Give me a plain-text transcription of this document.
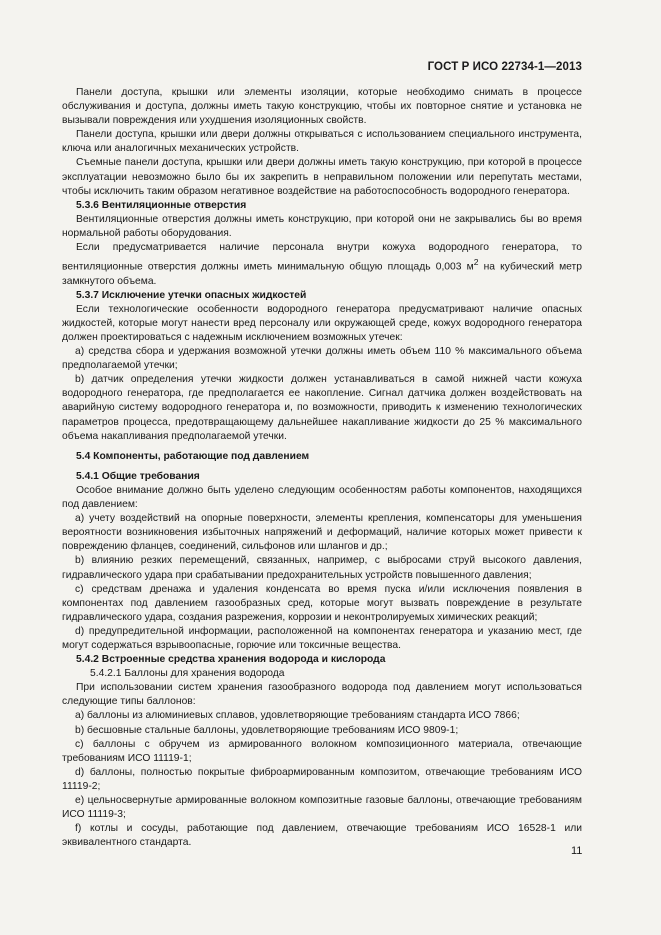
ГОСТ Р ИСО 22734-1—2013

Панели доступа, крышки или элементы изоляции, которые необходимо снимать в процессе обслуживания и доступа, должны иметь такую конструкцию, чтобы их повторное снятие и установка не вызывали повреждения или ухудшения изоляционных свойств.

Панели доступа, крышки или двери должны открываться с использованием специального инструмента, ключа или аналогичных механических устройств.

Съемные панели доступа, крышки или двери должны иметь такую конструкцию, при которой в процессе эксплуатации невозможно было бы их закрепить в неправильном положении или перепутать местами, чтобы исключить таким образом негативное воздействие на работоспособность водородного генератора.

5.3.6 Вентиляционные отверстия

Вентиляционные отверстия должны иметь конструкцию, при которой они не закрывались бы во время нормальной работы оборудования.

Если предусматривается наличие персонала внутри кожуха водородного генератора, то вентиляционные отверстия должны иметь минимальную общую площадь 0,003 $м^2$ на кубический метр замкнутого объема.

5.3.7 Исключение утечки опасных жидкостей

Если технологические особенности водородного генератора предусматривают наличие опасных жидкостей, которые могут нанести вред персоналу или окружающей среде, кожух водородного генератора должен проектироваться с надежным исключением возможных утечек:

a) средства сбора и удержания возможной утечки должны иметь объем 110 % максимального объема предполагаемой утечки;

b) датчик определения утечки жидкости должен устанавливаться в самой нижней части кожуха водородного генератора, где предполагается ее накопление. Сигнал датчика должен воздействовать на аварийную систему водородного генератора и, по возможности, приводить к изменению технологических параметров процесса, предотвращающему дальнейшее накапливание жидкости до 25 % максимального объема накапливания предполагаемой утечки.

5.4 Компоненты, работающие под давлением
5.4.1 Общие требования

Особое внимание должно быть уделено следующим особенностям работы компонентов, находящихся под давлением:

a) учету воздействий на опорные поверхности, элементы крепления, компенсаторы для уменьшения вероятности возникновения избыточных напряжений и деформаций, наличие которых может привести к повреждению фланцев, соединений, сильфонов или шлангов и др.;

b) влиянию резких перемещений, связанных, например, с выбросами струй высокого давления, гидравлического удара при срабатывании предохранительных устройств повышенного давления;

c) средствам дренажа и удаления конденсата во время пуска и/или исключения появления в компонентах под давлением газообразных сред, которые могут вызвать повреждение в результате гидравлического удара, создания разрежения, коррозии и неконтролируемых химических реакций;

d) предупредительной информации, расположенной на компонентах генератора и указанию мест, где могут содержаться взрывоопасные, горючие или токсичные вещества.

5.4.2 Встроенные средства хранения водорода и кислорода

5.4.2.1 Баллоны для хранения водорода

При использовании систем хранения газообразного водорода под давлением могут использоваться следующие типы баллонов:

a) баллоны из алюминиевых сплавов, удовлетворяющие требованиям стандарта ИСО 7866;

b) бесшовные стальные баллоны, удовлетворяющие требованиям ИСО 9809-1;

c) баллоны с обручем из армированного волокном композиционного материала, отвечающие требованиям ИСО 11119-1;

d) баллоны, полностью покрытые фиброармированным композитом, отвечающие требованиям ИСО 11119-2;

e) цельносвернутые армированные волокном композитные газовые баллоны, отвечающие требованиям ИСО 11119-3;

f) котлы и сосуды, работающие под давлением, отвечающие требованиям ИСО 16528-1 или эквивалентного стандарта.

11
